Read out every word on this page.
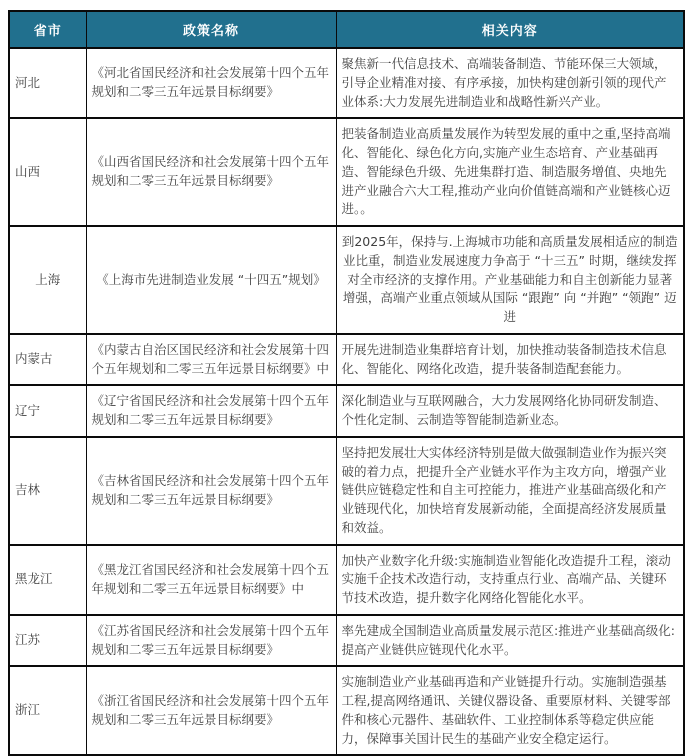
省市	政策名称	相关内容
河北	《河北省国民经济和社会发展第十四个五年规划和二零三五年远景目标纲要》	聚焦新一代信息技术、高端装备制造、节能环保三大领域，引导企业精准对接、有序承接，加快构建创新引领的现代产业体系:大力发展先进制造业和战略性新兴产业。
山西	《山西省国民经济和社会发展第十四个五年规划和二零三五年远景目标纲要》	把装备制造业高质量发展作为转型发展的重中之重,坚持高端化、智能化、绿色化方向,实施产业生态培育、产业基础再造、智能绿色升级、先进集群打造、制造服务增值、央地先进产业融合六大工程,推动产业向价值链高端和产业链核心迈进。。
上海	《上海市先进制造业发展 “十四五”规划》	到2025年，保持与.上海城市功能和高质量发展相适应的制造业比重，制造业发展速度力争高于 “十三五” 时期，继续发挥对全市经济的支撑作用。产业基础能力和自主创新能力显著增强，高端产业重点领域从国际 “跟跑” 向 “并跑” “领跑” 迈进
内蒙古	《内蒙古自治区国民经济和社会发展第十四个五年规划和二零三五年远景目标纲要》中	开展先进制造业集群培育计划，加快推动装备制造技术信息化、智能化、网络化改造，提升装备制造配套能力。
辽宁	《辽宁省国民经济和社会发展第十四个五年规划和二零三五年远景目标纲要》	深化制造业与互联网融合，大力发展网络化协同研发制造、个性化定制、云制造等智能制造新业态。
吉林	《吉林省国民经济和社会发展第十四个五年规划和二零三五年远景目标纲要》	坚持把发展壮大实体经济特别是做大做强制造业作为振兴突破的着力点，把提升全产业链水平作为主攻方向，增强产业链供应链稳定性和自主可控能力，推进产业基础高级化和产业链现代化，加快培育发展新动能，全面提高经济发展质量和效益。
黑龙江	《黑龙江省国民经济和社会发展第十四个五年规划和二零三五年远景目标纲要》中	加快产业数字化升级:实施制造业智能化改造提升工程，滚动实施千企技术改造行动，支持重点行业、高端产品、关键环节技术改造，提升数字化网络化智能化水平。
江苏	《江苏省国民经济和社会发展第十四个五年规划和二零三五年远景目标纲要》	率先建成全国制造业高质量发展示范区:推进产业基础高级化:提高产业链供应链现代化水平。
浙江	《浙江省国民经济和社会发展第十四个五年规划和二零三五年远景目标纲要》	实施制造业产业基础再造和产业链提升行动。实施制造强基工程,提高网络通讯、关键仪器设备、重要原材料、关键零部件和核心元器件、基础软件、工业控制体系等稳定供应能力，保障事关国计民生的基础产业安全稳定运行。
